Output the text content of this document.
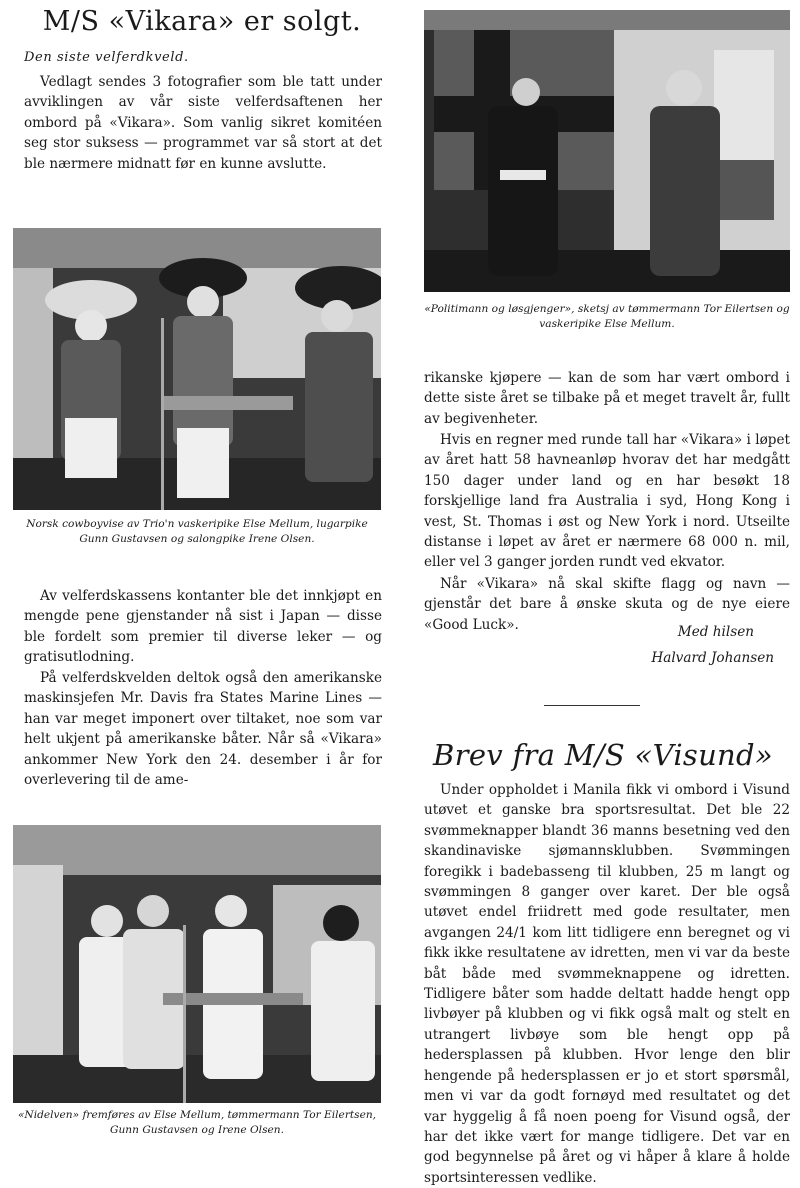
M/S «Vikara» er solgt.
Den siste velferdkveld.

Vedlagt sendes 3 fotografier som ble tatt under avviklingen av vår siste velferdsaftenen her ombord på «Vikara». Som vanlig sikret komitéen seg stor suksess — programmet var så stort at det ble nærmere midnatt før en kunne avslutte.

Norsk cowboyvise av Trio'n vaskeripike Else Mellum, lugarpike Gunn Gustavsen og salongpike Irene Olsen.

Av velferdskassens kontanter ble det innkjøpt en mengde pene gjenstander nå sist i Japan — disse ble fordelt som premier til diverse leker — og gratisutlodning.

På velferdskvelden deltok også den amerikanske maskinsjefen Mr. Davis fra States Marine Lines — han var meget imponert over tiltaket, noe som var helt ukjent på amerikanske båter. Når så «Vikara» ankommer New York den 24. desember i år for overlevering til de ame-

«Nidelven» fremføres av Else Mellum, tømmermann Tor Eilertsen, Gunn Gustavsen og Irene Olsen.

«Politimann og løsgjenger», sketsj av tømmermann Tor Eilertsen og vaskeripike Else Mellum.

rikanske kjøpere — kan de som har vært ombord i dette siste året se tilbake på et meget travelt år, fullt av begivenheter.

Hvis en regner med runde tall har «Vikara» i løpet av året hatt 58 havneanløp hvorav det har medgått 150 dager under land og en har besøkt 18 forskjellige land fra Australia i syd, Hong Kong i vest, St. Thomas i øst og New York i nord. Utseilte distanse i løpet av året er nærmere 68 000 n. mil, eller vel 3 ganger jorden rundt ved ekvator.

Når «Vikara» nå skal skifte flagg og navn — gjenstår det bare å ønske skuta og de nye eiere «Good Luck».	Med hilsen
Halvard Johansen
Brev fra M/S «Visund»

Under oppholdet i Manila fikk vi ombord i Visund utøvet et ganske bra sportsresultat. Det ble 22 svømmeknapper blandt 36 manns besetning ved den skandinaviske sjømannsklubben. Svømmingen foregikk i badebasseng til klubben, 25 m langt og svømmingen 8 ganger over karet. Der ble også utøvet endel friidrett med gode resultater, men avgangen 24/1 kom litt tidligere enn beregnet og vi fikk ikke resultatene av idretten, men vi var da beste båt både med svømmeknappene og idretten. Tidligere båter som hadde deltatt hadde hengt opp livbøyer på klubben og vi fikk også malt og stelt en utrangert livbøye som ble hengt opp på hedersplassen på klubben. Hvor lenge den blir hengende på hedersplassen er jo et stort spørsmål, men vi var da godt fornøyd med resultatet og det var hyggelig å få noen poeng for Visund også, der har det ikke vært for mange tidligere. Det var en god begynnelse på året og vi håper å klare å holde sportsinteressen vedlike.
